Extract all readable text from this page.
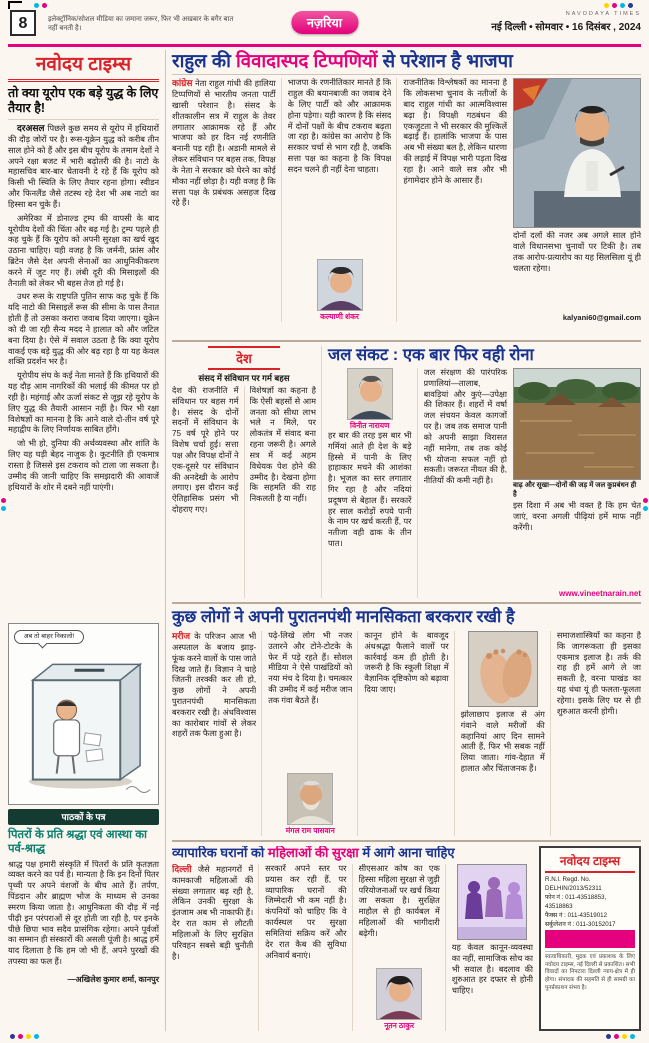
8	इलेक्ट्रॉनिक/सोशल मीडिया का जमाना जरूर, फिर भी अखबार के बगैर बात नहीं बनती है।	नज़रिया
NAVODAYA TIMES
नई दिल्ली • सोमवार • 16 दिसंबर , 2024
नवोदय टाइम्स
तो क्या यूरोप एक बड़े युद्ध के लिए तैयार है!

दरअसल पिछले कुछ समय से यूरोप में हथियारों की दौड़ जोरों पर है। रूस-यूक्रेन युद्ध को करीब तीन साल होने को हैं और इस बीच यूरोप के तमाम देशों ने अपने रक्षा बजट में भारी बढ़ोतरी की है। नाटो के महासचिव बार-बार चेतावनी दे रहे हैं कि यूरोप को किसी भी स्थिति के लिए तैयार रहना होगा। स्वीडन और फिनलैंड जैसे तटस्थ रहे देश भी अब नाटो का हिस्सा बन चुके हैं।

अमेरिका में डोनाल्ड ट्रम्प की वापसी के बाद यूरोपीय देशों की चिंता और बढ़ गई है। ट्रम्प पहले ही कह चुके हैं कि यूरोप को अपनी सुरक्षा का खर्च खुद उठाना चाहिए। यही वजह है कि जर्मनी, फ्रांस और ब्रिटेन जैसे देश अपनी सेनाओं का आधुनिकीकरण करने में जुट गए हैं। लंबी दूरी की मिसाइलों की तैनाती को लेकर भी बहस तेज हो गई है।

उधर रूस के राष्ट्रपति पुतिन साफ कह चुके हैं कि यदि नाटो की मिसाइलें रूस की सीमा के पास तैनात होती हैं तो उसका करारा जवाब दिया जाएगा। यूक्रेन को दी जा रही सैन्य मदद ने हालात को और जटिल बना दिया है। ऐसे में सवाल उठता है कि क्या यूरोप वाकई एक बड़े युद्ध की ओर बढ़ रहा है या यह केवल शक्ति प्रदर्शन भर है।

यूरोपीय संघ के कई नेता मानते हैं कि हथियारों की यह दौड़ आम नागरिकों की भलाई की कीमत पर हो रही है। महंगाई और ऊर्जा संकट से जूझ रहे यूरोप के लिए युद्ध की तैयारी आसान नहीं है। फिर भी रक्षा विशेषज्ञों का मानना है कि आने वाले दो-तीन वर्ष पूरे महाद्वीप के लिए निर्णायक साबित होंगे।

जो भी हो, दुनिया की अर्थव्यवस्था और शांति के लिए यह घड़ी बेहद नाजुक है। कूटनीति ही एकमात्र रास्ता है जिससे इस टकराव को टाला जा सकता है। उम्मीद की जानी चाहिए कि समझदारी की आवाजें हथियारों के शोर में दबने नहीं पाएंगी।

अब तो बाहर निकालो!
पाठकों के पत्र
पितरों के प्रति श्रद्धा एवं आस्था का पर्व-श्राद्ध
श्राद्ध पक्ष हमारी संस्कृति में पितरों के प्रति कृतज्ञता व्यक्त करने का पर्व है। मान्यता है कि इन दिनों पितर पृथ्वी पर अपने वंशजों के बीच आते हैं। तर्पण, पिंडदान और ब्राह्मण भोज के माध्यम से उनका स्मरण किया जाता है। आधुनिकता की दौड़ में नई पीढ़ी इन परंपराओं से दूर होती जा रही है, पर इनके पीछे छिपा भाव सदैव प्रासंगिक रहेगा। अपने पूर्वजों का सम्मान ही संस्कारों की असली पूंजी है। श्राद्ध हमें याद दिलाता है कि हम जो भी हैं, अपने पुरखों की तपस्या का फल हैं।
—अखिलेश कुमार शर्मा, कानपुर
राहुल की विवादास्पद टिप्पणियों से परेशान है भाजपा

कांग्रेस नेता राहुल गांधी की हालिया टिप्पणियों से भारतीय जनता पार्टी खासी परेशान है। संसद के शीतकालीन सत्र में राहुल के तेवर लगातार आक्रामक रहे हैं और भाजपा को हर दिन नई रणनीति बनानी पड़ रही है। अडानी मामले से लेकर संविधान पर बहस तक, विपक्ष के नेता ने सरकार को घेरने का कोई मौका नहीं छोड़ा है। यही वजह है कि सत्ता पक्ष के प्रबंधक असहज दिख रहे हैं।

भाजपा के रणनीतिकार मानते हैं कि राहुल की बयानबाजी का जवाब देने के लिए पार्टी को और आक्रामक होना पड़ेगा। यही कारण है कि संसद में दोनों पक्षों के बीच टकराव बढ़ता जा रहा है। कांग्रेस का आरोप है कि सरकार चर्चा से भाग रही है, जबकि सत्ता पक्ष का कहना है कि विपक्ष सदन चलने ही नहीं देना चाहता।

कल्याणी शंकर

राजनीतिक विश्लेषकों का मानना है कि लोकसभा चुनाव के नतीजों के बाद राहुल गांधी का आत्मविश्वास बढ़ा है। विपक्षी गठबंधन की एकजुटता ने भी सरकार की मुश्किलें बढ़ाई हैं। हालांकि भाजपा के पास अब भी संख्या बल है, लेकिन धारणा की लड़ाई में विपक्ष भारी पड़ता दिख रहा है। आने वाले सत्र और भी हंगामेदार होने के आसार हैं।

दोनों दलों की नजर अब अगले साल होने वाले विधानसभा चुनावों पर टिकी है। तब तक आरोप-प्रत्यारोप का यह सिलसिला यूं ही चलता रहेगा।

kalyani60@gmail.com
देश
संसद में संविधान पर गर्म बहस

देश की राजनीति में संविधान पर बहस गर्म है। संसद के दोनों सदनों में संविधान के 75 वर्ष पूरे होने पर विशेष चर्चा हुई। सत्ता पक्ष और विपक्ष दोनों ने एक-दूसरे पर संविधान की अनदेखी के आरोप लगाए। इस दौरान कई ऐतिहासिक प्रसंग भी दोहराए गए।

विशेषज्ञों का कहना है कि ऐसी बहसों से आम जनता को सीधा लाभ भले न मिले, पर लोकतंत्र में संवाद बना रहना जरूरी है। अगले सत्र में कई अहम विधेयक पेश होने की उम्मीद है। देखना होगा कि सहमति की राह निकलती है या नहीं।

जल संकट : एक बार फिर वही रोना
विनीत नारायण

हर बार की तरह इस बार भी गर्मियां आते ही देश के बड़े हिस्से में पानी के लिए हाहाकार मचने की आशंका है। भूजल का स्तर लगातार गिर रहा है और नदियां प्रदूषण से बेहाल हैं। सरकारें हर साल करोड़ों रुपये पानी के नाम पर खर्च करती हैं, पर नतीजा वही ढाक के तीन पात।

जल संरक्षण की पारंपरिक प्रणालियां—तालाब, बावड़ियां और कुएं—उपेक्षा की शिकार हैं। शहरों में वर्षा जल संचयन केवल कागजों पर है। जब तक समाज पानी को अपनी साझा विरासत नहीं मानेगा, तब तक कोई भी योजना सफल नहीं हो सकती। जरूरत नीयत की है, नीतियों की कमी नहीं है।

बाढ़ और सूखा—दोनों की जड़ में जल कुप्रबंधन ही है

इस दिशा में अब भी वक्त है कि हम चेत जाएं, वरना अगली पीढ़ियां हमें माफ नहीं करेंगी।

www.vineetnarain.net
कुछ लोगों ने अपनी पुरातनपंथी मानसिकता बरकरार रखी है

मरीज के परिजन आज भी अस्पताल के बजाय झाड़-फूंक करने वालों के पास जाते दिख जाते हैं। विज्ञान ने चाहे जितनी तरक्की कर ली हो, कुछ लोगों ने अपनी पुरातनपंथी मानसिकता बरकरार रखी है। अंधविश्वास का कारोबार गांवों से लेकर शहरों तक फैला हुआ है।

पढ़े-लिखे लोग भी नजर उतारने और टोने-टोटके के फेर में पड़े रहते हैं। सोशल मीडिया ने ऐसे पाखंडियों को नया मंच दे दिया है। चमत्कार की उम्मीद में कई मरीज जान तक गंवा बैठते हैं।

मंगल राम पासवान

कानून होने के बावजूद अंधश्रद्धा फैलाने वालों पर कार्रवाई कम ही होती है। जरूरी है कि स्कूली शिक्षा में वैज्ञानिक दृष्टिकोण को बढ़ावा दिया जाए।

झोलाछाप इलाज से अंग गंवाने वाले मरीजों की कहानियां आए दिन सामने आती हैं, फिर भी सबक नहीं लिया जाता। गांव-देहात में हालात और चिंताजनक हैं।

समाजशास्त्रियों का कहना है कि जागरूकता ही इसका एकमात्र इलाज है। तर्क की राह ही हमें आगे ले जा सकती है, वरना पाखंड का यह धंधा यूं ही फलता-फूलता रहेगा। इसके लिए घर से ही शुरुआत करनी होगी।

व्यापारिक घरानों को महिलाओं की सुरक्षा में आगे आना चाहिए

दिल्ली जैसे महानगरों में कामकाजी महिलाओं की संख्या लगातार बढ़ रही है, लेकिन उनकी सुरक्षा के इंतजाम अब भी नाकाफी हैं। देर रात काम से लौटती महिलाओं के लिए सुरक्षित परिवहन सबसे बड़ी चुनौती है।

सरकारें अपने स्तर पर प्रयास कर रही हैं, पर व्यापारिक घरानों की जिम्मेदारी भी कम नहीं है। कंपनियों को चाहिए कि वे कार्यस्थल पर सुरक्षा समितियां सक्रिय करें और देर रात कैब की सुविधा अनिवार्य बनाएं।

सीएसआर कोष का एक हिस्सा महिला सुरक्षा से जुड़ी परियोजनाओं पर खर्च किया जा सकता है। सुरक्षित माहौल से ही कार्यबल में महिलाओं की भागीदारी बढ़ेगी।

नूतन ठाकुर

यह केवल कानून-व्यवस्था का नहीं, सामाजिक सोच का भी सवाल है। बदलाव की शुरुआत हर दफ्तर से होनी चाहिए।

नवोदय टाइम्स
R.N.I. Regd. No. DELHIN/2013/52311
फोन नं : 011-43518853, 43518863
फैक्स नं : 011-43519012
सर्कुलेशन नं : 011-30152017
E-mail : navodayanews@nvtimes.com
स्वत्वाधिकारी, मुद्रक एवं प्रकाशक के लिए नवोदय टाइम्स, नई दिल्ली से प्रकाशित। सभी विवादों का निपटारा दिल्ली न्याय-क्षेत्र में ही होगा। संपादक की सहमति से ही सामग्री का पुनर्प्रकाशन संभव है।
